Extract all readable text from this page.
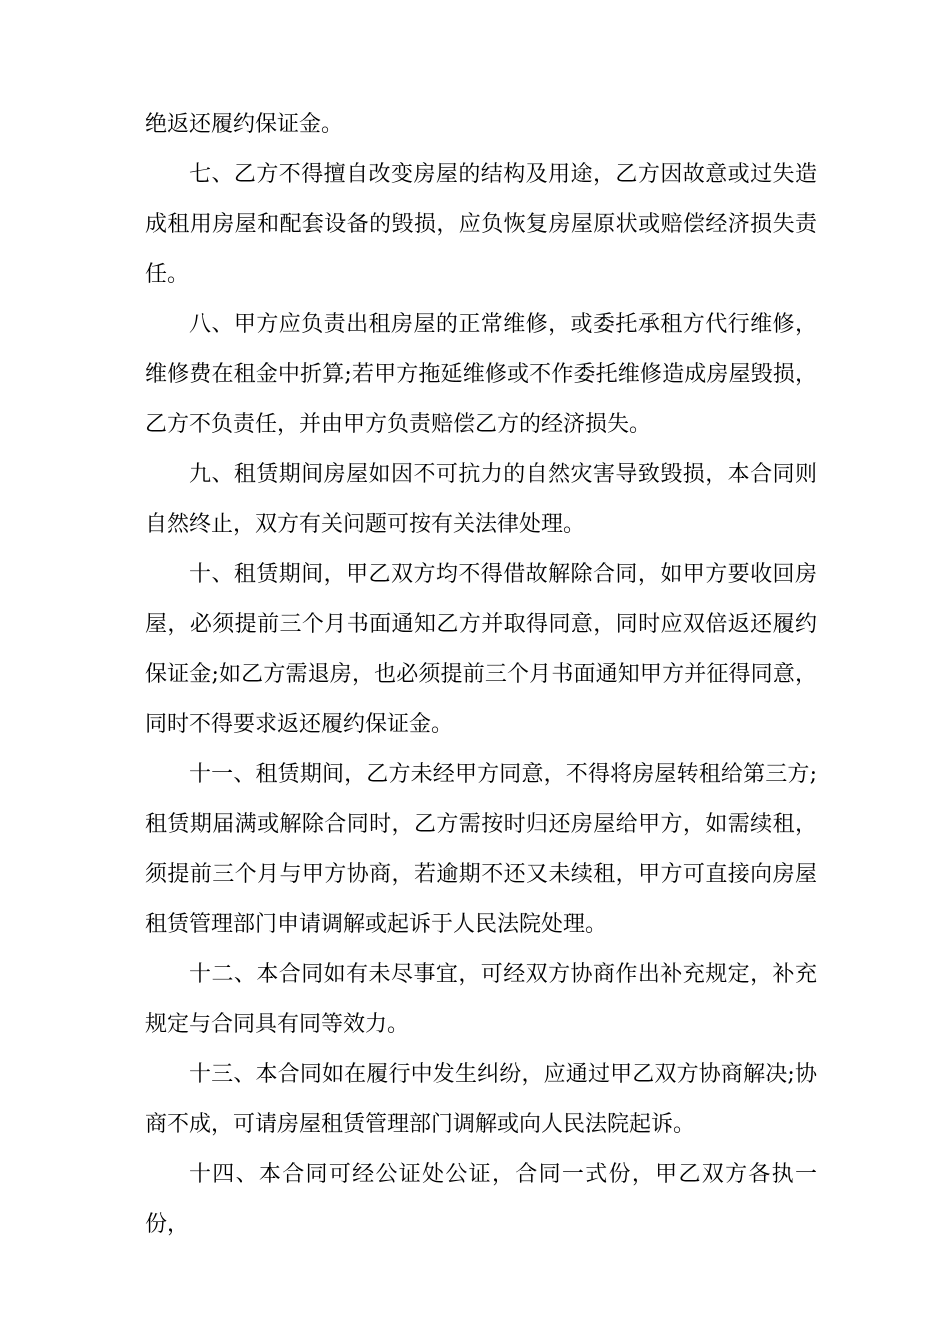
绝返还履约保证金。

七、乙方不得擅自改变房屋的结构及用途，乙方因故意或过失造成租用房屋和配套设备的毁损，应负恢复房屋原状或赔偿经济损失责任。

八、甲方应负责出租房屋的正常维修，或委托承租方代行维修，维修费在租金中折算;若甲方拖延维修或不作委托维修造成房屋毁损，乙方不负责任，并由甲方负责赔偿乙方的经济损失。

九、租赁期间房屋如因不可抗力的自然灾害导致毁损，本合同则自然终止，双方有关问题可按有关法律处理。

十、租赁期间，甲乙双方均不得借故解除合同，如甲方要收回房屋，必须提前三个月书面通知乙方并取得同意，同时应双倍返还履约保证金;如乙方需退房，也必须提前三个月书面通知甲方并征得同意，同时不得要求返还履约保证金。

十一、租赁期间，乙方未经甲方同意，不得将房屋转租给第三方;租赁期届满或解除合同时，乙方需按时归还房屋给甲方，如需续租，须提前三个月与甲方协商，若逾期不还又未续租，甲方可直接向房屋租赁管理部门申请调解或起诉于人民法院处理。

十二、本合同如有未尽事宜，可经双方协商作出补充规定，补充规定与合同具有同等效力。

十三、本合同如在履行中发生纠纷，应通过甲乙双方协商解决;协商不成，可请房屋租赁管理部门调解或向人民法院起诉。

十四、本合同可经公证处公证，合同一式份，甲乙双方各执一份，
